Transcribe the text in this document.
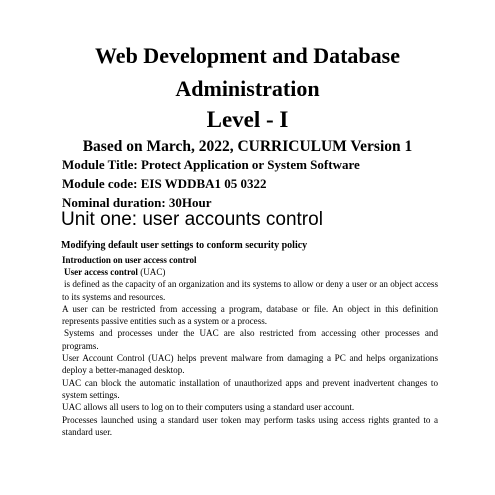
Web Development and Database
Administration
Level - I
Based on March, 2022, CURRICULUM Version 1
Module Title: Protect Application or System Software
Module code: EIS WDDBA1 05 0322
Nominal duration: 30Hour
Unit one: user accounts control
Modifying default user settings to conform security policy
Introduction on user access control

User access control (UAC)

is defined as the capacity of an organization and its systems to allow or deny a user or an object access to its systems and resources.

A user can be restricted from accessing a program, database or file. An object in this definition represents passive entities such as a system or a process.

Systems and processes under the UAC are also restricted from accessing other processes and programs.

User Account Control (UAC) helps prevent malware from damaging a PC and helps organizations deploy a better-managed desktop.

UAC can block the automatic installation of unauthorized apps and prevent inadvertent changes to system settings.

UAC allows all users to log on to their computers using a standard user account.

Processes launched using a standard user token may perform tasks using access rights granted to a standard user.
